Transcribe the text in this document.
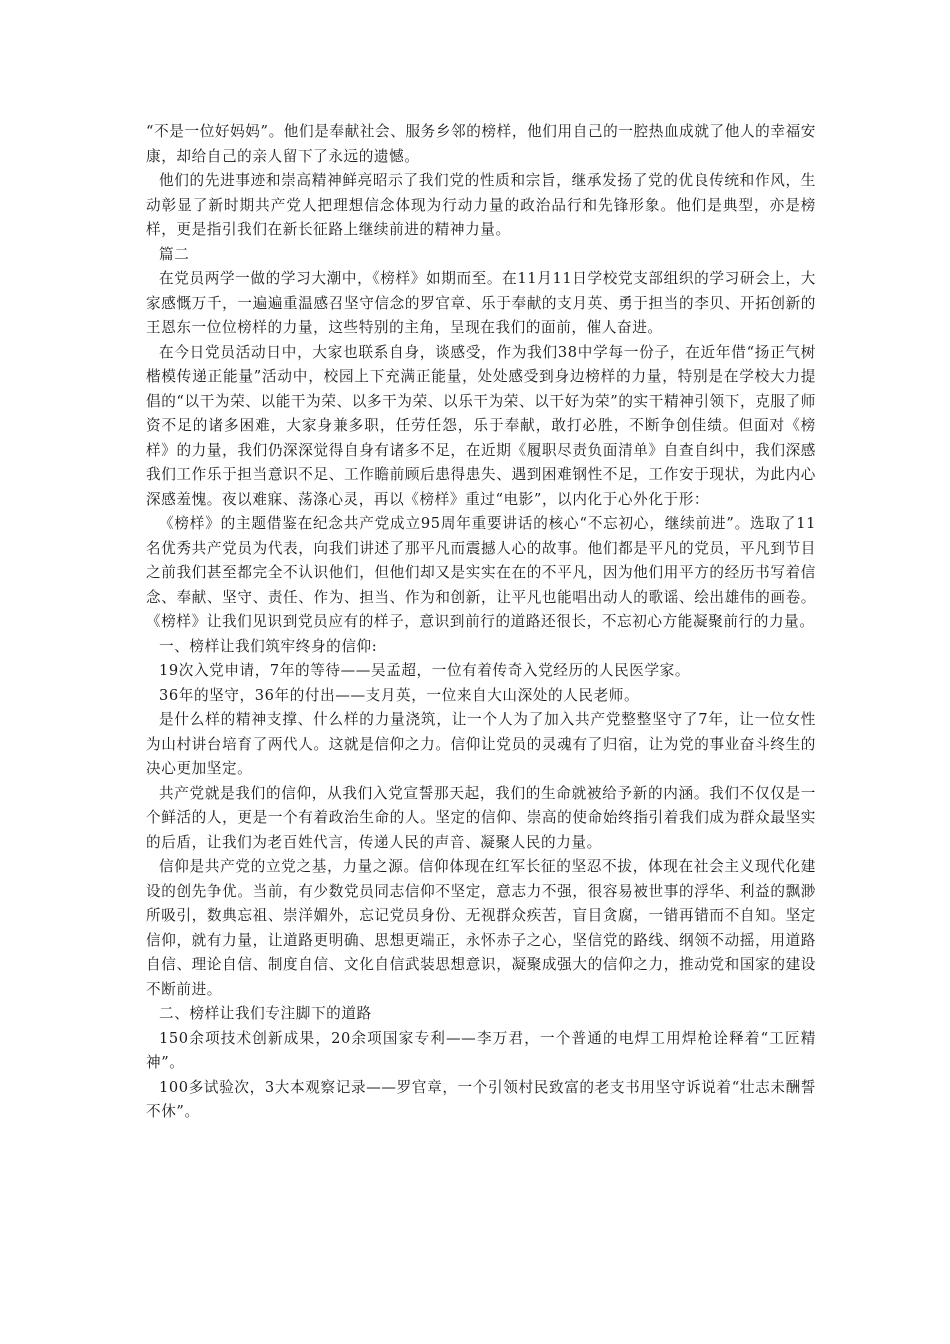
“不是一位好妈妈”。他们是奉献社会、服务乡邻的榜样，他们用自己的一腔热血成就了他人的幸福安康，却给自己的亲人留下了永远的遗憾。

他们的先进事迹和崇高精神鲜亮昭示了我们党的性质和宗旨，继承发扬了党的优良传统和作风，生动彰显了新时期共产党人把理想信念体现为行动力量的政治品行和先锋形象。他们是典型，亦是榜样，更是指引我们在新长征路上继续前进的精神力量。

篇二

在党员两学一做的学习大潮中，《榜样》如期而至。在11月11日学校党支部组织的学习研会上，大家感慨万千，一遍遍重温感召坚守信念的罗官章、乐于奉献的支月英、勇于担当的李贝、开拓创新的王恩东一位位榜样的力量，这些特别的主角，呈现在我们的面前，催人奋进。

在今日党员活动日中，大家也联系自身，谈感受，作为我们38中学每一份子，在近年借“扬正气树楷模传递正能量”活动中，校园上下充满正能量，处处感受到身边榜样的力量，特别是在学校大力提倡的“以干为荣、以能干为荣、以多干为荣、以乐干为荣、以干好为荣”的实干精神引领下，克服了师资不足的诸多困难，大家身兼多职，任劳任怨，乐于奉献，敢打必胜，不断争创佳绩。但面对《榜样》的力量，我们仍深深觉得自身有诸多不足，在近期《履职尽责负面清单》自查自纠中，我们深感我们工作乐于担当意识不足、工作瞻前顾后患得患失、遇到困难钢性不足，工作安于现状，为此内心深感羞愧。夜以难寐、荡涤心灵，再以《榜样》重过“电影”，以内化于心外化于形：

《榜样》的主题借鉴在纪念共产党成立95周年重要讲话的核心“不忘初心，继续前进”。选取了11名优秀共产党员为代表，向我们讲述了那平凡而震撼人心的故事。他们都是平凡的党员，平凡到节目之前我们甚至都完全不认识他们，但他们却又是实实在在的不平凡，因为他们用平方的经历书写着信念、奉献、坚守、责任、作为、担当、作为和创新，让平凡也能唱出动人的歌谣、绘出雄伟的画卷。《榜样》让我们见识到党员应有的样子，意识到前行的道路还很长，不忘初心方能凝聚前行的力量。

一、榜样让我们筑牢终身的信仰:

19次入党申请，7年的等待——吴孟超，一位有着传奇入党经历的人民医学家。

36年的坚守，36年的付出——支月英，一位来自大山深处的人民老师。

是什么样的精神支撑、什么样的力量浇筑，让一个人为了加入共产党整整坚守了7年，让一位女性为山村讲台培育了两代人。这就是信仰之力。信仰让党员的灵魂有了归宿，让为党的事业奋斗终生的决心更加坚定。

共产党就是我们的信仰，从我们入党宣誓那天起，我们的生命就被给予新的内涵。我们不仅仅是一个鲜活的人，更是一个有着政治生命的人。坚定的信仰、崇高的使命始终指引着我们成为群众最坚实的后盾，让我们为老百姓代言，传递人民的声音、凝聚人民的力量。

信仰是共产党的立党之基，力量之源。信仰体现在红军长征的坚忍不拔，体现在社会主义现代化建设的创先争优。当前，有少数党员同志信仰不坚定，意志力不强，很容易被世事的浮华、利益的飘渺所吸引，数典忘祖、崇洋媚外，忘记党员身份、无视群众疾苦，盲目贪腐，一错再错而不自知。坚定信仰，就有力量，让道路更明确、思想更端正，永怀赤子之心，坚信党的路线、纲领不动摇，用道路自信、理论自信、制度自信、文化自信武装思想意识，凝聚成强大的信仰之力，推动党和国家的建设不断前进。

二、榜样让我们专注脚下的道路

150余项技术创新成果，20余项国家专利——李万君，一个普通的电焊工用焊枪诠释着“工匠精神”。

100多试验次，3大本观察记录——罗官章，一个引领村民致富的老支书用坚守诉说着“壮志未酬誓不休”。
